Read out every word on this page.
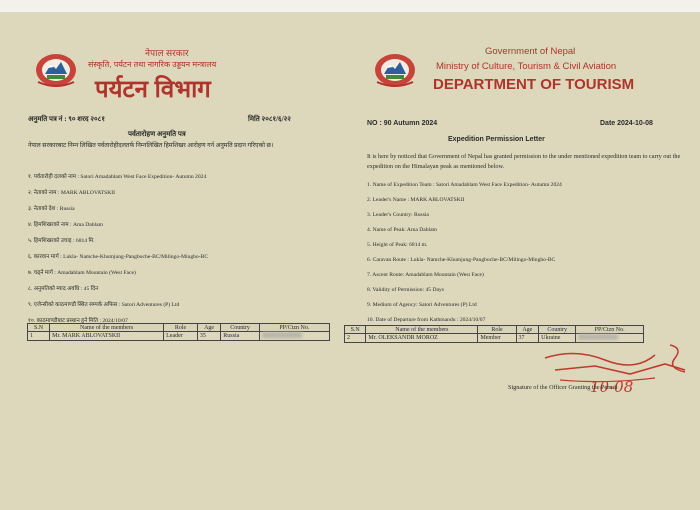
नेपाल सरकार
संस्कृति, पर्यटन तथा नागरिक उड्डयन मन्त्रालय
पर्यटन विभाग
अनुमति पत्र नं : ९० शरद २०८१	मिति २०८१/६/२२
पर्वतारोहण अनुमति पत्र
नेपाल सरकारबाट निम्न लिखित पर्वतारोहीदलतर्फ निम्नलिखित हिमशिखर आरोहण गर्न अनुमति प्रदान गरिएको छ।
१. पर्वतारोही दलको नाम : Satori Amadablam West Face Expedition- Autumn 2024
२. नेताको नाम : MARK ABLOVATSKII
३. नेताको देश : Russia
४. हिमशिखरको नाम : Ama Dablam
५. हिमशिखरको उचाइ : 6814 मि.
६. कारवान मार्ग : Lukla- Namche-Khumjung-Pangboche-BC/Milingo-Mingbo-BC
७. चढ्ने मार्ग : Amadablam Mountain (West Face)
८. अनुमतिको म्याद अवधि : 45 दिन
९. एजेन्सीको काठमाण्डौ स्थित सम्पर्क अफिस : Satori Adventures (P) Ltd
१०. काठमाण्डौबाट प्रस्थान हुने मिति : 2024/10/07
S.N	Name of the members	Role	Age	Country	PP/Ctzn No.
1	Mr. MARK ABLOVATSKII	Leader	35	Russia	
Government of Nepal
Ministry of Culture, Tourism & Civil Aviation
DEPARTMENT OF TOURISM
NO : 90 Autumn 2024	Date 2024-10-08
Expedition Permission Letter
It is here by noticed that Government of Nepal has granted permission to the under mentioned expedition team to carry out the expedition on the Himalayan peak as mentioned below.
1. Name of Expedition Team : Satori Amadablam West Face Expedition- Autumn 2024
2. Leader's Name : MARK ABLOVATSKII
3. Leader's Country: Russia
4. Name of Peak: Ama Dablam
5. Height of Peak: 6814 m.
6. Caravan Route : Lukla- Namche-Khumjung-Pangboche-BC/Milingo-Mingbo-BC
7. Ascent Route: Amadablam Mountain (West Face)
8. Validity of Permission: 45 Days
9. Medium of Agency: Satori Adventures (P) Ltd
10. Date of Departure from Kathmandu : 2024/10/07
S.N	Name of the members	Role	Age	Country	PP/Ctzn No.
2	Mr. OLEKSANDR MOROZ	Member	37	Ukraine	
10-08
Signature of the Officer Granting the Permit
